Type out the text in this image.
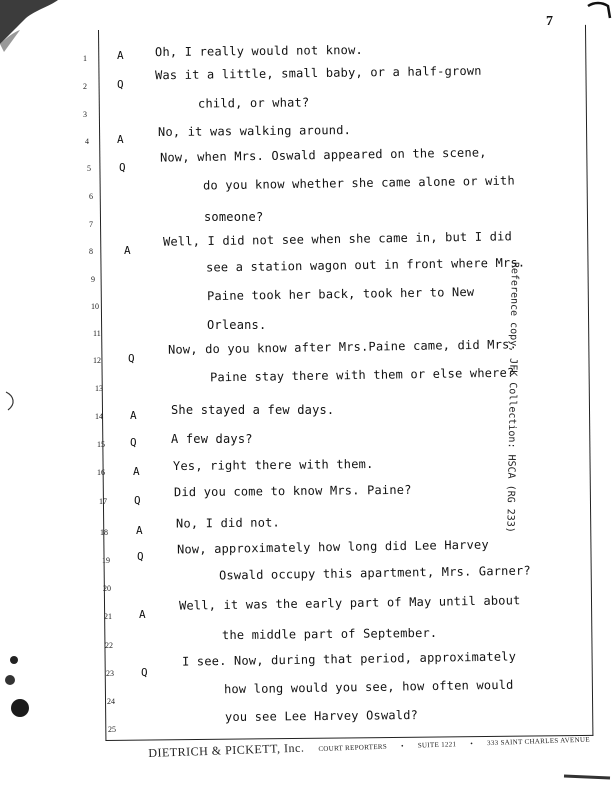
7
1	A	Oh, I really would not know.
2	Q
Was it a little, small baby, or a half-grown
3
child, or what?
4	A
No, it was walking around.
5	Q
Now, when Mrs. Oswald appeared on the scene,
6
do you know whether she came alone or with
7
someone?
8	A
Well, I did not see when she came in, but I did
9
see a station wagon out in front where Mrs.
10
Paine took her back, took her to New
11
Orleans.
12 Q
Now, do you know after Mrs.Paine came, did Mrs.
13
Paine stay there with them or else where?
14 A	She stayed a few days.
15 Q	A few days?
16	A	Yes, right there with them.
17 Q
Did you come to know Mrs. Paine?
18	A	No, I did not.
19 Q
Now, approximately how long did Lee Harvey
20
Oswald occupy this apartment, Mrs. Garner?
21 A
Well, it was the early part of May until about
22
the middle part of September.
23 Q
I see. Now, during that period, approximately
24
how long would you see, how often would
25
you see Lee Harvey Oswald?
Reference copy, JFK Collection: HSCA (RG 233)
DIETRICH & PICKETT, Inc. COURT REPORTERS • SUITE 1221 • 333 SAINT CHARLES AVENUE
